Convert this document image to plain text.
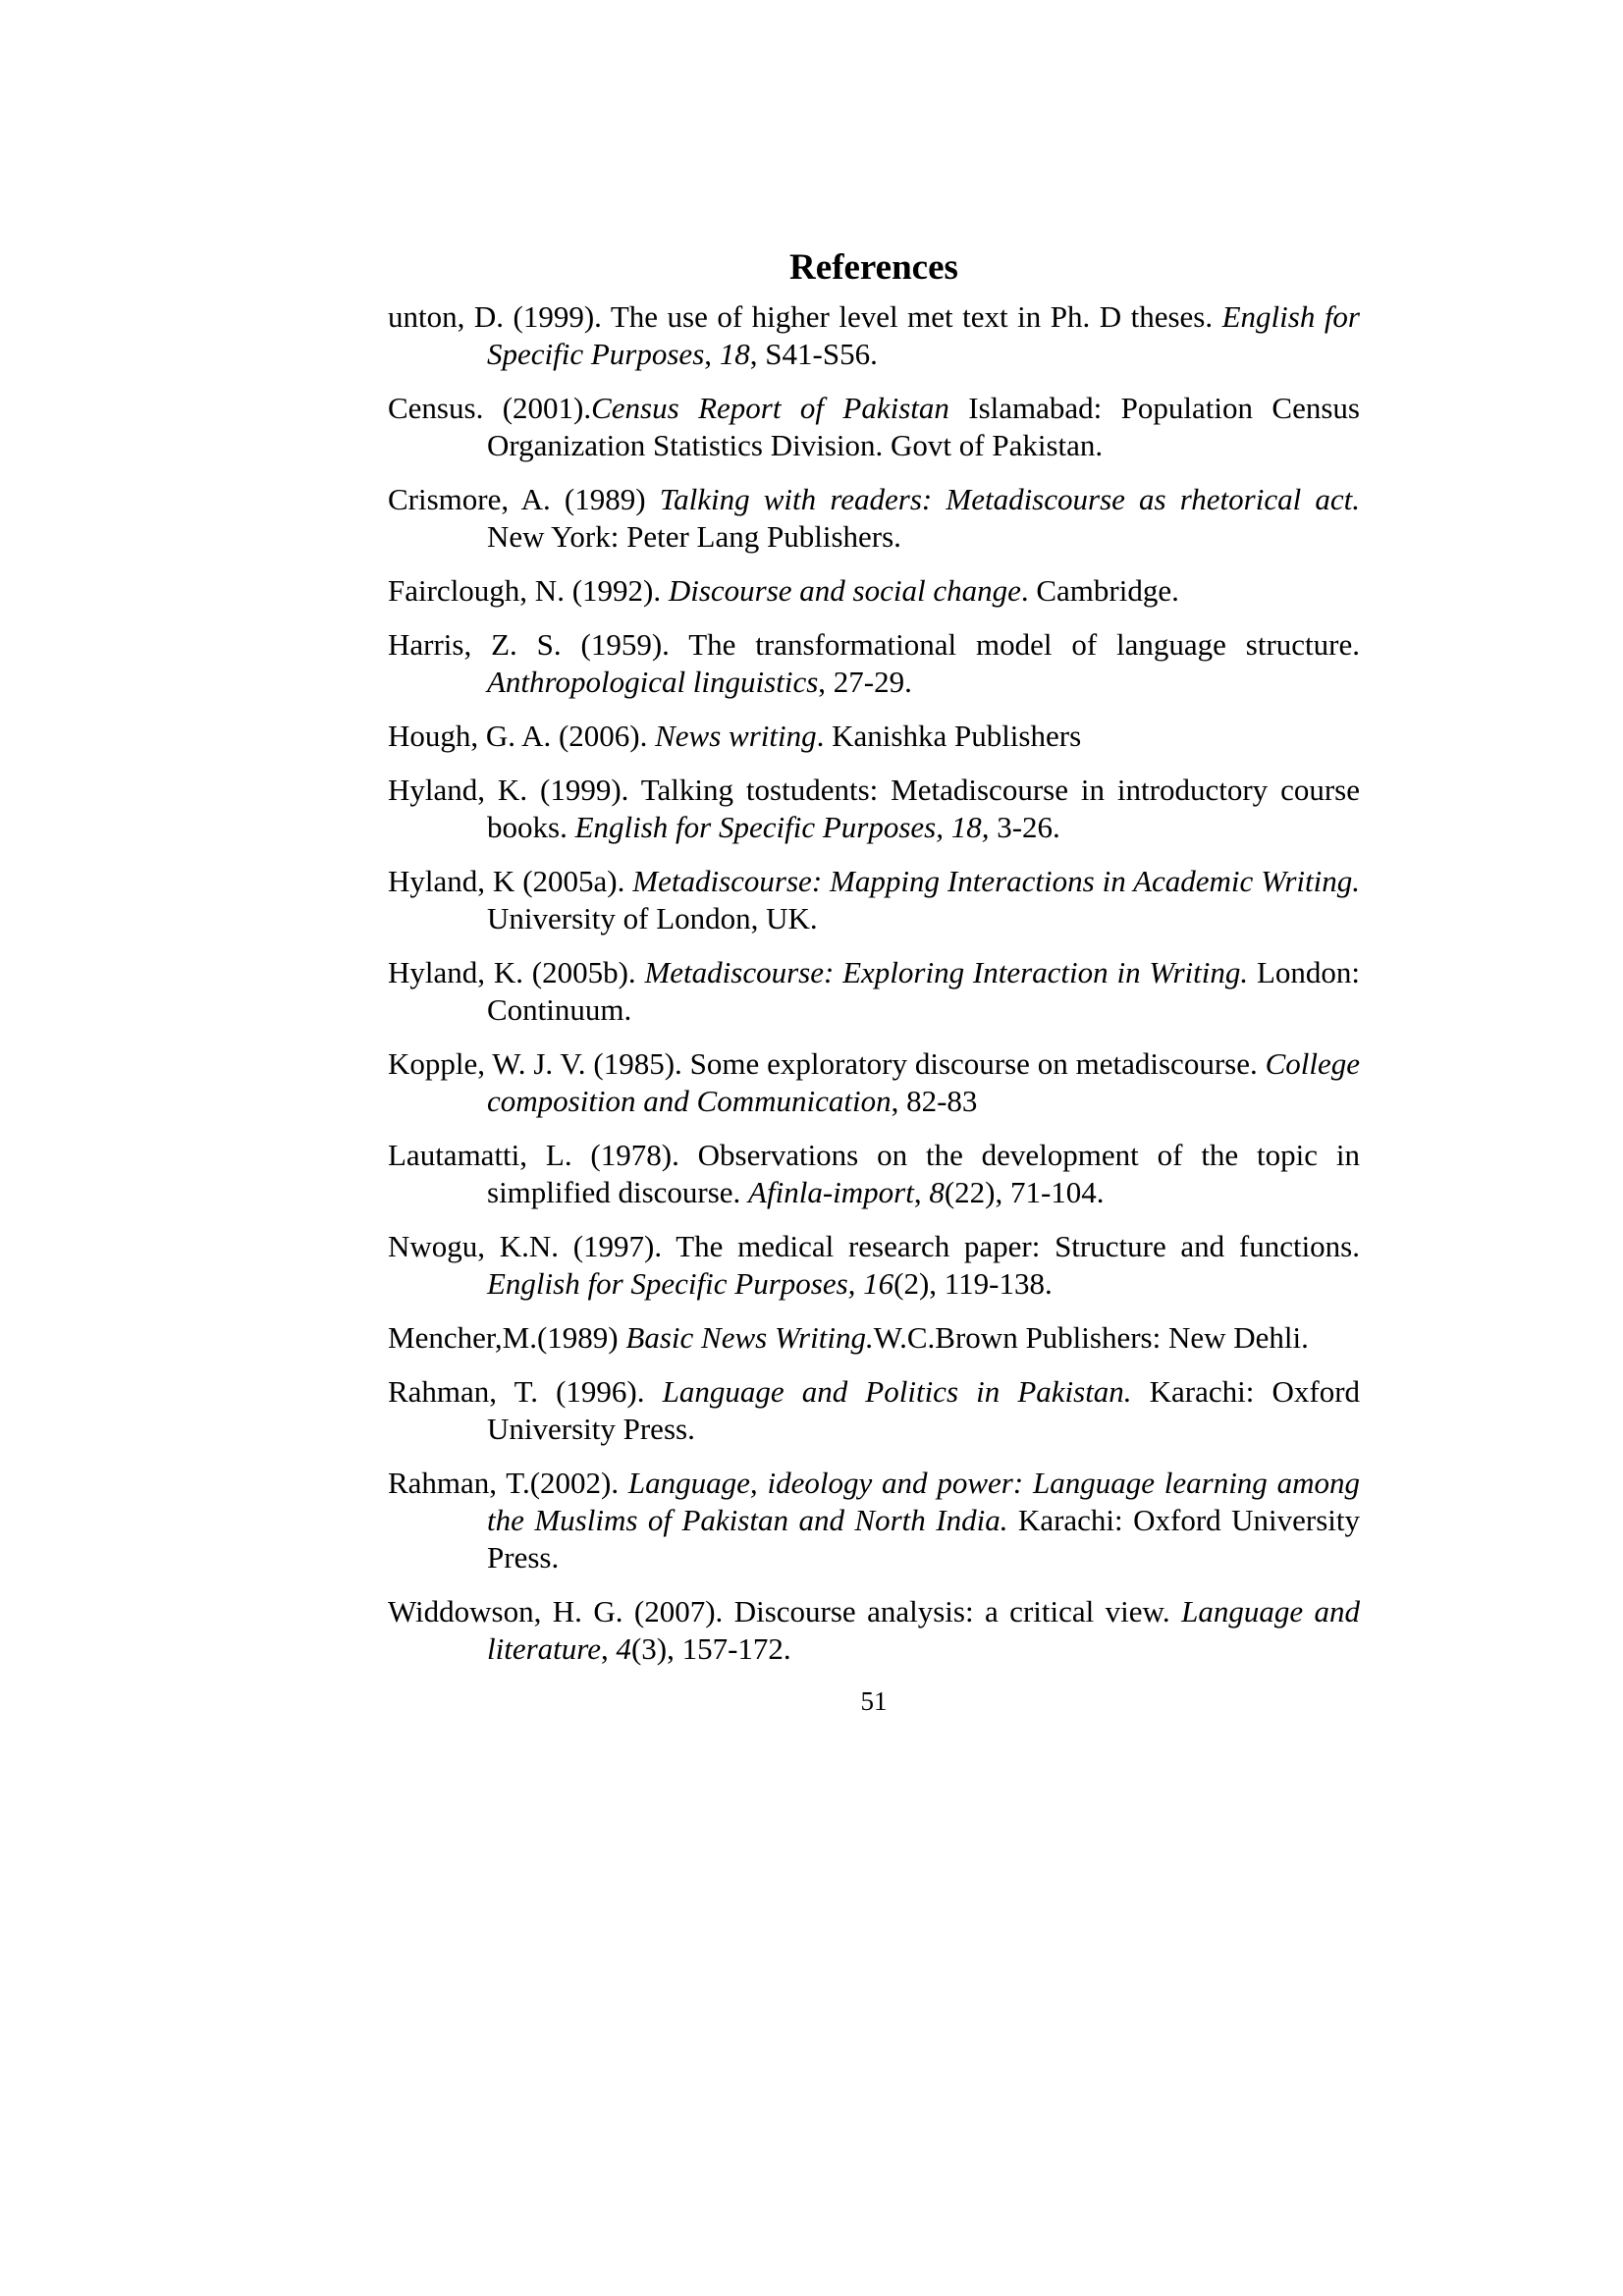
References
unton, D. (1999). The use of higher level met text in Ph. D theses. English for Specific Purposes, 18, S41-S56.
Census. (2001).Census Report of Pakistan Islamabad: Population Census Organization Statistics Division. Govt of Pakistan.
Crismore, A. (1989) Talking with readers: Metadiscourse as rhetorical act. New York: Peter Lang Publishers.
Fairclough, N. (1992). Discourse and social change. Cambridge.
Harris, Z. S. (1959). The transformational model of language structure. Anthropological linguistics, 27-29.
Hough, G. A. (2006). News writing. Kanishka Publishers
Hyland, K. (1999). Talking tostudents: Metadiscourse in introductory course books. English for Specific Purposes, 18, 3-26.
Hyland, K (2005a). Metadiscourse: Mapping Interactions in Academic Writing. University of London, UK.
Hyland, K. (2005b). Metadiscourse: Exploring Interaction in Writing. London: Continuum.
Kopple, W. J. V. (1985). Some exploratory discourse on metadiscourse. College composition and Communication, 82-83
Lautamatti, L. (1978). Observations on the development of the topic in simplified discourse. Afinla-import, 8(22), 71-104.
Nwogu, K.N. (1997). The medical research paper: Structure and functions. English for Specific Purposes, 16(2), 119-138.
Mencher,M.(1989) Basic News Writing.W.C.Brown Publishers: New Dehli.
Rahman, T. (1996). Language and Politics in Pakistan. Karachi: Oxford University Press.
Rahman, T.(2002). Language, ideology and power: Language learning among the Muslims of Pakistan and North India. Karachi: Oxford University Press.
Widdowson, H. G. (2007). Discourse analysis: a critical view. Language and literature, 4(3), 157-172.
51
